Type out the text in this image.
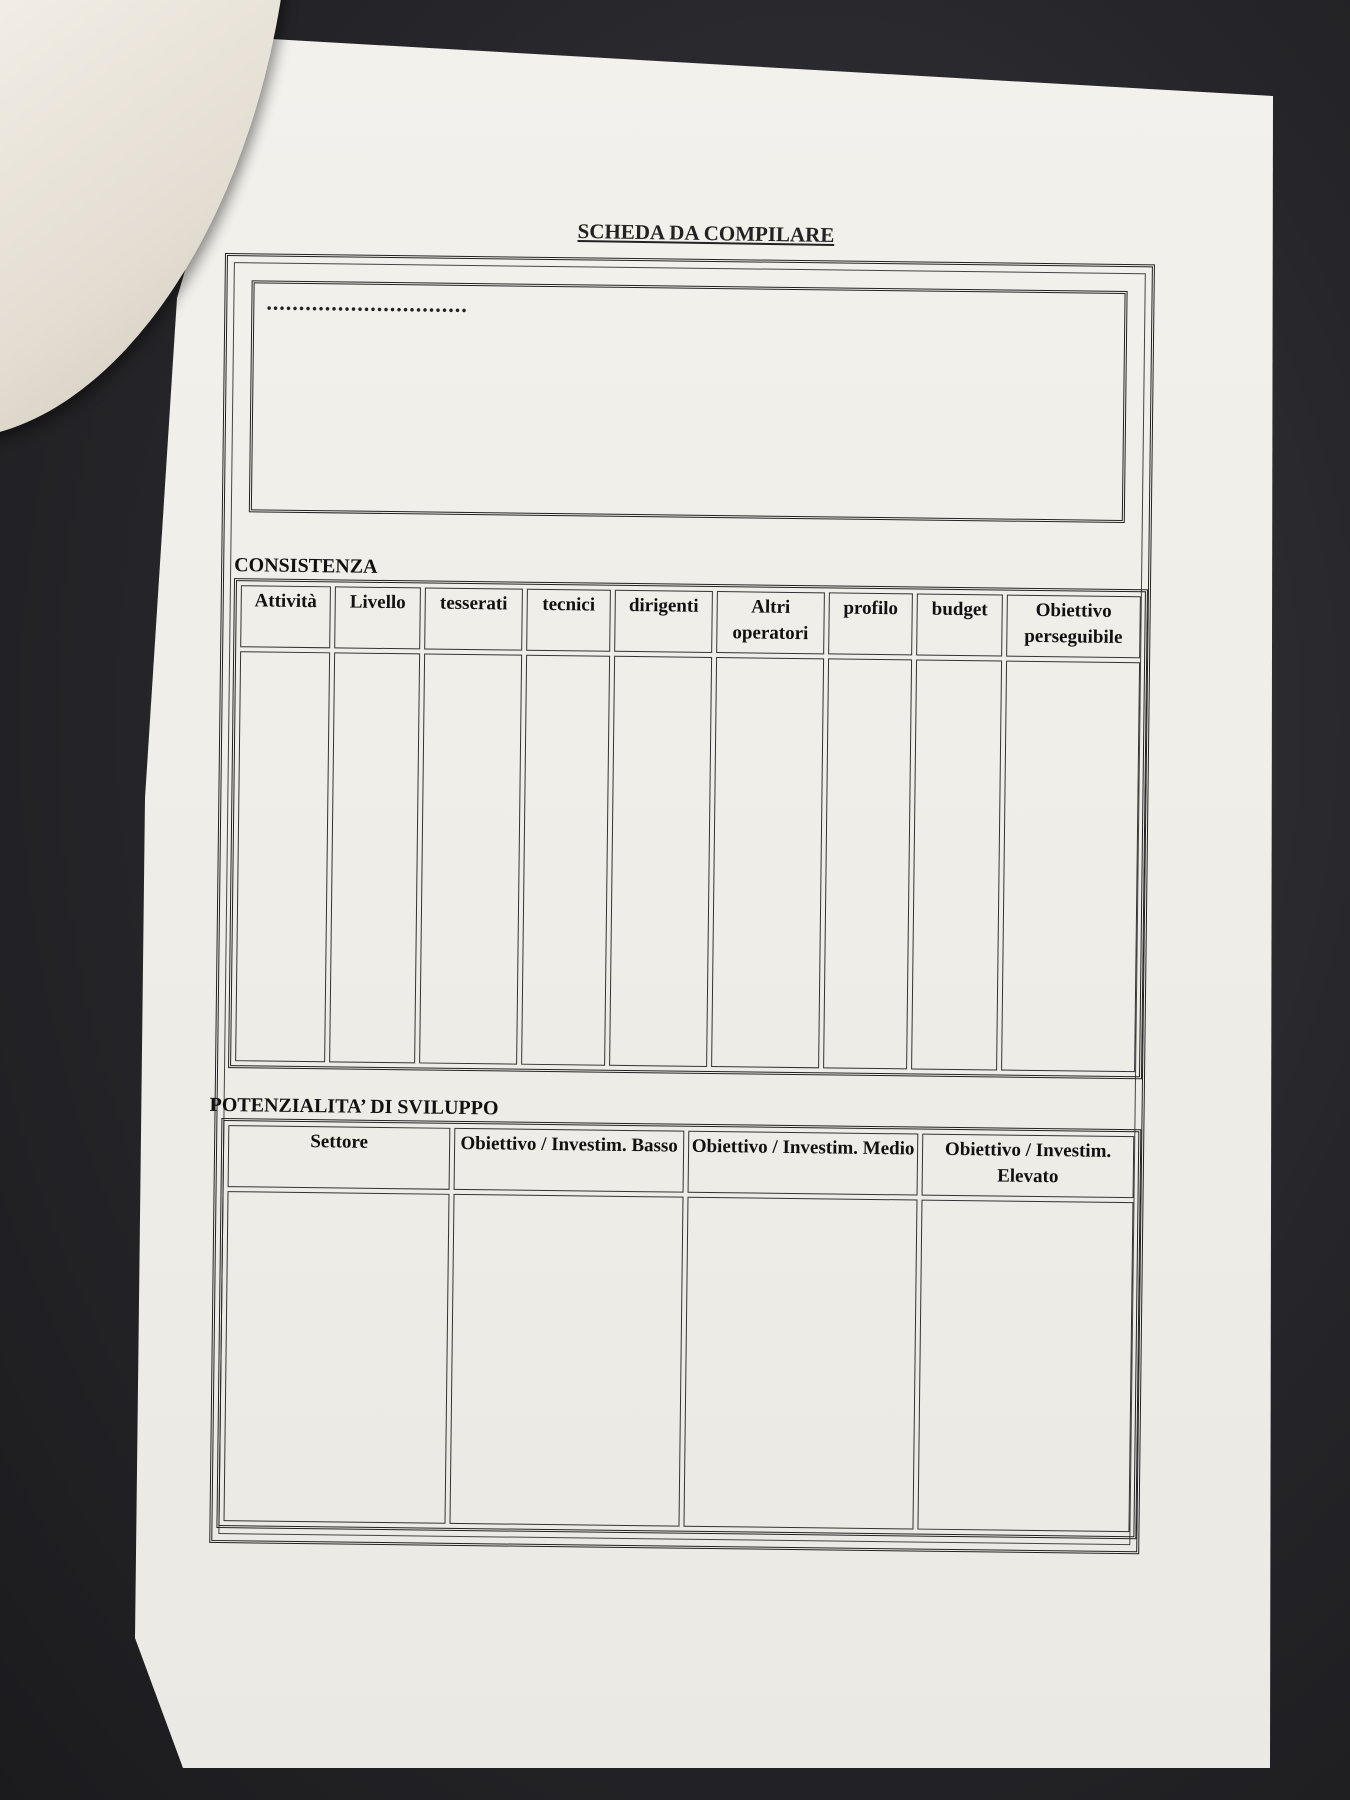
SCHEDA DA COMPILARE
...............................
CONSISTENZA
Attività	Livello	tesserati	tecnici	dirigenti	Altri operatori	profilo	budget	Obiettivo perseguibile

POTENZIALITA’ DI SVILUPPO
Settore	Obiettivo / Investim. Basso	Obiettivo / Investim. Medio	Obiettivo / Investim. Elevato
